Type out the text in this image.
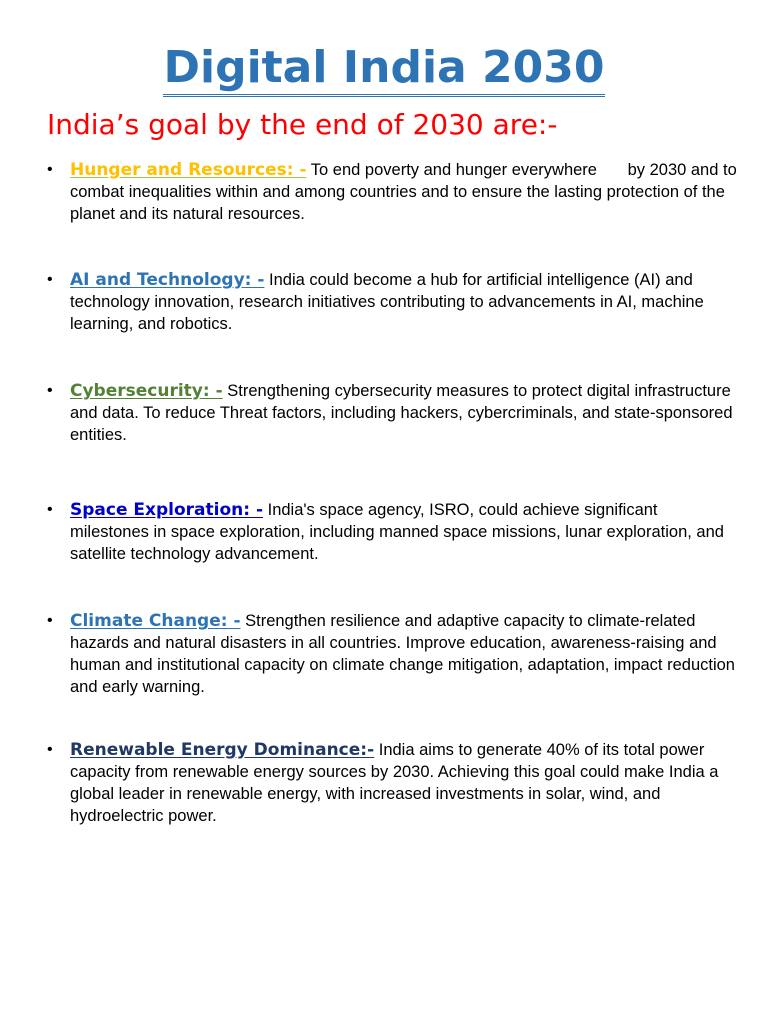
Digital India 2030

India’s goal by the end of 2030 are:-

•	Hunger and Resources: - To end poverty and hunger everywhere by 2030 and to combat inequalities within and among countries and to ensure the lasting protection of the planet and its natural resources.
•	AI and Technology: - India could become a hub for artificial intelligence (AI) and technology innovation, research initiatives contributing to advancements in AI, machine learning, and robotics.
•	Cybersecurity: - Strengthening cybersecurity measures to protect digital infrastructure and data. To reduce Threat factors, including hackers, cybercriminals, and state-sponsored entities.
•	Space Exploration: - India's space agency, ISRO, could achieve significant milestones in space exploration, including manned space missions, lunar exploration, and satellite technology advancement.
•	Climate Change: - Strengthen resilience and adaptive capacity to climate-related hazards and natural disasters in all countries. Improve education, awareness-raising and human and institutional capacity on climate change mitigation, adaptation, impact reduction and early warning.
•	Renewable Energy Dominance:- India aims to generate 40% of its total power capacity from renewable energy sources by 2030. Achieving this goal could make India a global leader in renewable energy, with increased investments in solar, wind, and hydroelectric power.
